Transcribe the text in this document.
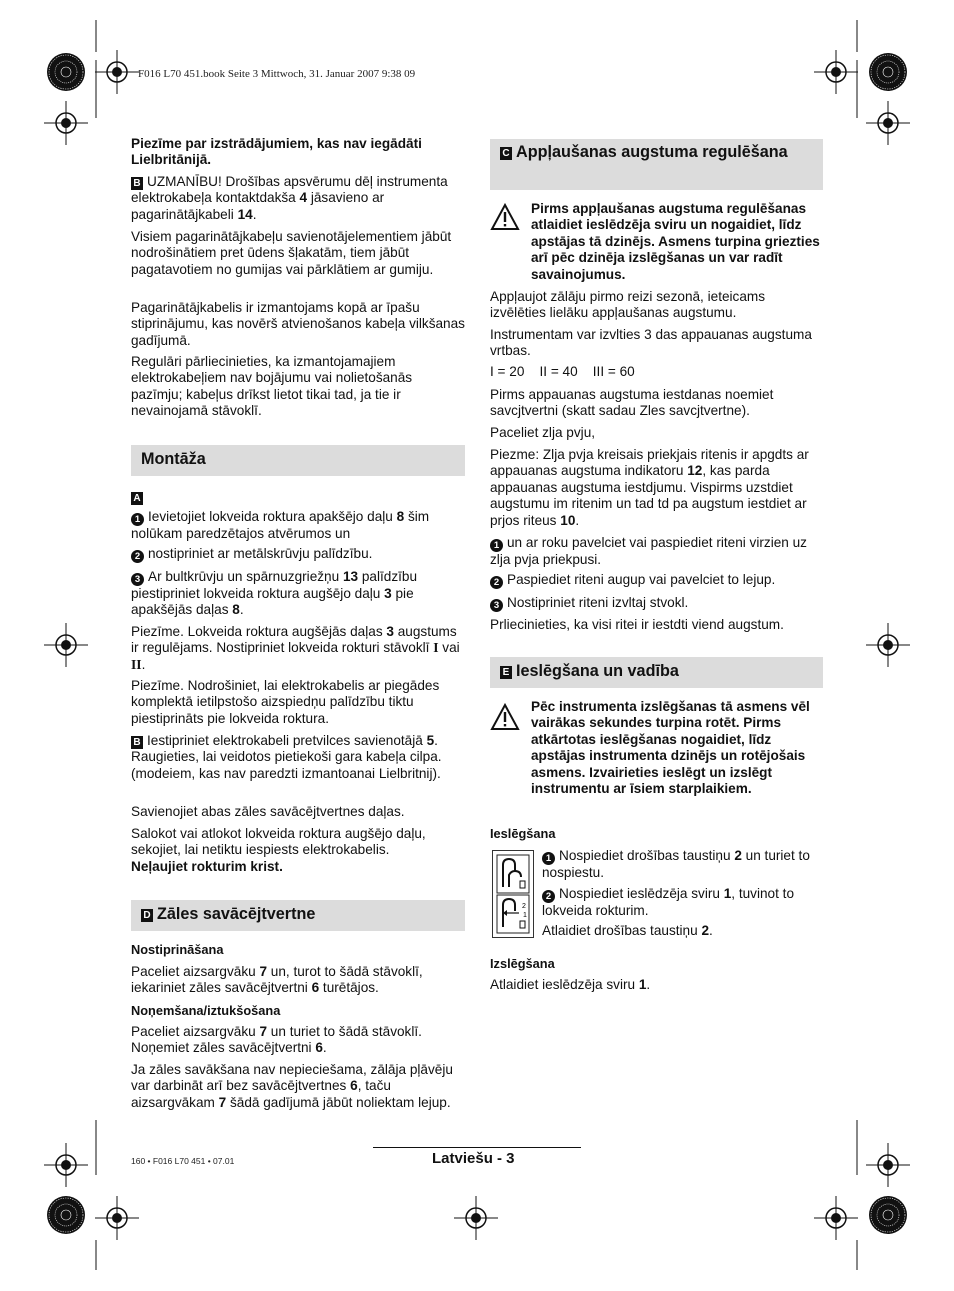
F016 L70 451.book Seite 3 Mittwoch, 31. Januar 2007 9:38 09

Piezīme par izstrādājumiem, kas nav iegādāti Lielbritānijā.

B UZMANĪBU! Drošības apsvērumu dēļ instrumenta elektrokabeļa kontaktdakša 4 jāsavieno ar pagarinātājkabeli 14.

Visiem pagarinātājkabeļu savienotājelementiem jābūt nodrošinātiem pret ūdens šļakatām, tiem jābūt pagatavotiem no gumijas vai pārklātiem ar gumiju.

Pagarinātājkabelis ir izmantojams kopā ar īpašu stiprinājumu, kas novērš atvienošanos kabeļa vilkšanas gadījumā.

Regulāri pārliecinieties, ka izmantojamajiem elektrokabeļiem nav bojājumu vai nolietošanās pazīmju; kabeļus drīkst lietot tikai tad, ja tie ir nevainojamā stāvoklī.

Montāža

A

1 Ievietojiet lokveida roktura apakšējo daļu 8 šim nolūkam paredzētajos atvērumos un

2 nostipriniet ar metālskrūvju palīdzību.

3 Ar bultkrūvju un spārnuzgriežņu 13 palīdzību piestipriniet lokveida roktura augšējo daļu 3 pie apakšējās daļas 8.

Piezīme. Lokveida roktura augšējās daļas 3 augstums ir regulējams. Nostipriniet lokveida rokturi stāvoklī I vai II.

Piezīme. Nodrošiniet, lai elektrokabelis ar piegādes komplektā ietilpstošo aizspiedņu palīdzību tiktu piestiprināts pie lokveida roktura.

B Iestipriniet elektrokabeli pretvilces savienotājā 5. Raugieties, lai veidotos pietiekoši gara kabeļa cilpa. (modeiem, kas nav paredzti izmantoanai Lielbritnij).

Savienojiet abas zāles savācējtvertnes daļas.

Salokot vai atlokot lokveida roktura augšējo daļu, sekojiet, lai netiktu iespiests elektrokabelis.

Neļaujiet rokturim krist.

D Zāles savācējtvertne

Nostiprināšana

Paceliet aizsargvāku 7 un, turot to šādā stāvoklī, iekariniet zāles savācējtvertni 6 turētājos.

Noņemšana/iztukšošana

Paceliet aizsargvāku 7 un turiet to šādā stāvoklī. Noņemiet zāles savācējtvertni 6.

Ja zāles savākšana nav nepieciešama, zālāja pļāvēju var darbināt arī bez savācējtvertnes 6, taču aizsargvākam 7 šādā gadījumā jābūt noliektam lejup.

C Appļaušanas augstuma regulēšana

Pirms appļaušanas augstuma regulēšanas atlaidiet ieslēdzēja sviru un nogaidiet, līdz apstājas tā dzinējs. Asmens turpina griezties arī pēc dzinēja izslēgšanas un var radīt savainojumus.

Appļaujot zālāju pirmo reizi sezonā, ieteicams izvēlēties lielāku appļaušanas augstumu.

Instrumentam var izvlties 3 das appauanas augstuma vrtbas.

I = 20    II = 40    III = 60

Pirms appauanas augstuma iestdanas noemiet savcjtvertni (skatt sadau Zles savcjtvertne).

Paceliet zlja pvju,

Piezme: Zlja pvja kreisais priekjais ritenis ir apgdts ar appauanas augstuma indikatoru 12, kas parda appauanas augstuma iestdjumu. Vispirms uzstdiet augstumu im ritenim un tad td pa augstum iestdiet ar prjos riteus 10.

1 un ar roku pavelciet vai paspiediet riteni virzien uz zlja pvja priekpusi.

2 Paspiediet riteni augup vai pavelciet to lejup.

3 Nostipriniet riteni izvltaj stvokl.

Prliecinieties, ka visi ritei ir iestdti viend augstum.

E Ieslēgšana un vadība

Pēc instrumenta izslēgšanas tā asmens vēl vairākas sekundes turpina rotēt. Pirms atkārtotas ieslēgšanas nogaidiet, līdz apstājas instrumenta dzinējs un rotējošais asmens. Izvairieties ieslēgt un izslēgt instrumentu ar īsiem starplaikiem.

Ieslēgšana

2
1

1 Nospiediet drošības taustiņu 2 un turiet to nospiestu.

2 Nospiediet ieslēdzēja sviru 1, tuvinot to lokveida rokturim.

Atlaidiet drošības taustiņu 2.

Izslēgšana

Atlaidiet ieslēdzēja sviru 1.

160 • F016 L70 451 • 07.01	Latviešu - 3
